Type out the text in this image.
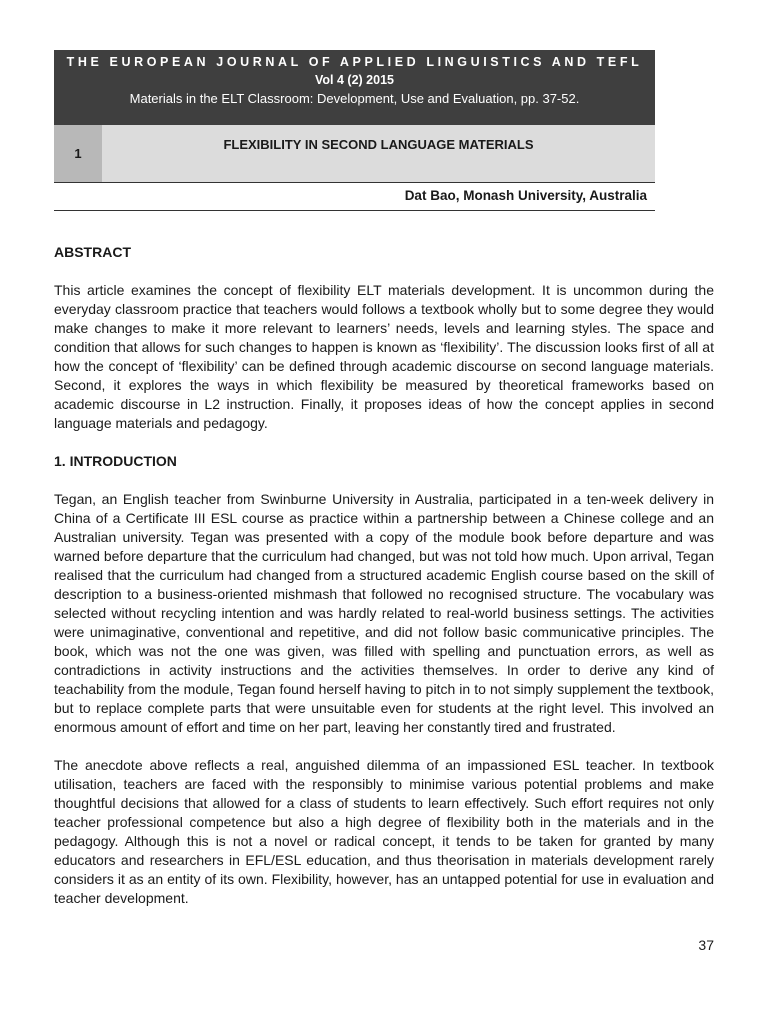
THE EUROPEAN JOURNAL OF APPLIED LINGUISTICS AND TEFL
Vol 4 (2) 2015
Materials in the ELT Classroom: Development, Use and Evaluation, pp. 37-52.
1
FLEXIBILITY IN SECOND LANGUAGE MATERIALS
Dat Bao, Monash University, Australia

ABSTRACT

This article examines the concept of flexibility ELT materials development. It is uncommon during the everyday classroom practice that teachers would follows a textbook wholly but to some degree they would make changes to make it more relevant to learners’ needs, levels and learning styles. The space and condition that allows for such changes to happen is known as ‘flexibility’. The discussion looks first of all at how the concept of ‘flexibility’ can be defined through academic discourse on second language materials. Second, it explores the ways in which flexibility be measured by theoretical frameworks based on academic discourse in L2 instruction. Finally, it proposes ideas of how the concept applies in second language materials and pedagogy.

1. INTRODUCTION

Tegan, an English teacher from Swinburne University in Australia, participated in a ten-week delivery in China of a Certificate III ESL course as practice within a partnership between a Chinese college and an Australian university. Tegan was presented with a copy of the module book before departure and was warned before departure that the curriculum had changed, but was not told how much. Upon arrival, Tegan realised that the curriculum had changed from a structured academic English course based on the skill of description to a business-oriented mishmash that followed no recognised structure. The vocabulary was selected without recycling intention and was hardly related to real-world business settings. The activities were unimaginative, conventional and repetitive, and did not follow basic communicative principles. The book, which was not the one was given, was filled with spelling and punctuation errors, as well as contradictions in activity instructions and the activities themselves. In order to derive any kind of teachability from the module, Tegan found herself having to pitch in to not simply supplement the textbook, but to replace complete parts that were unsuitable even for students at the right level. This involved an enormous amount of effort and time on her part, leaving her constantly tired and frustrated.

The anecdote above reflects a real, anguished dilemma of an impassioned ESL teacher. In textbook utilisation, teachers are faced with the responsibly to minimise various potential problems and make thoughtful decisions that allowed for a class of students to learn effectively. Such effort requires not only teacher professional competence but also a high degree of flexibility both in the materials and in the pedagogy. Although this is not a novel or radical concept, it tends to be taken for granted by many educators and researchers in EFL/ESL education, and thus theorisation in materials development rarely considers it as an entity of its own. Flexibility, however, has an untapped potential for use in evaluation and teacher development.

37
